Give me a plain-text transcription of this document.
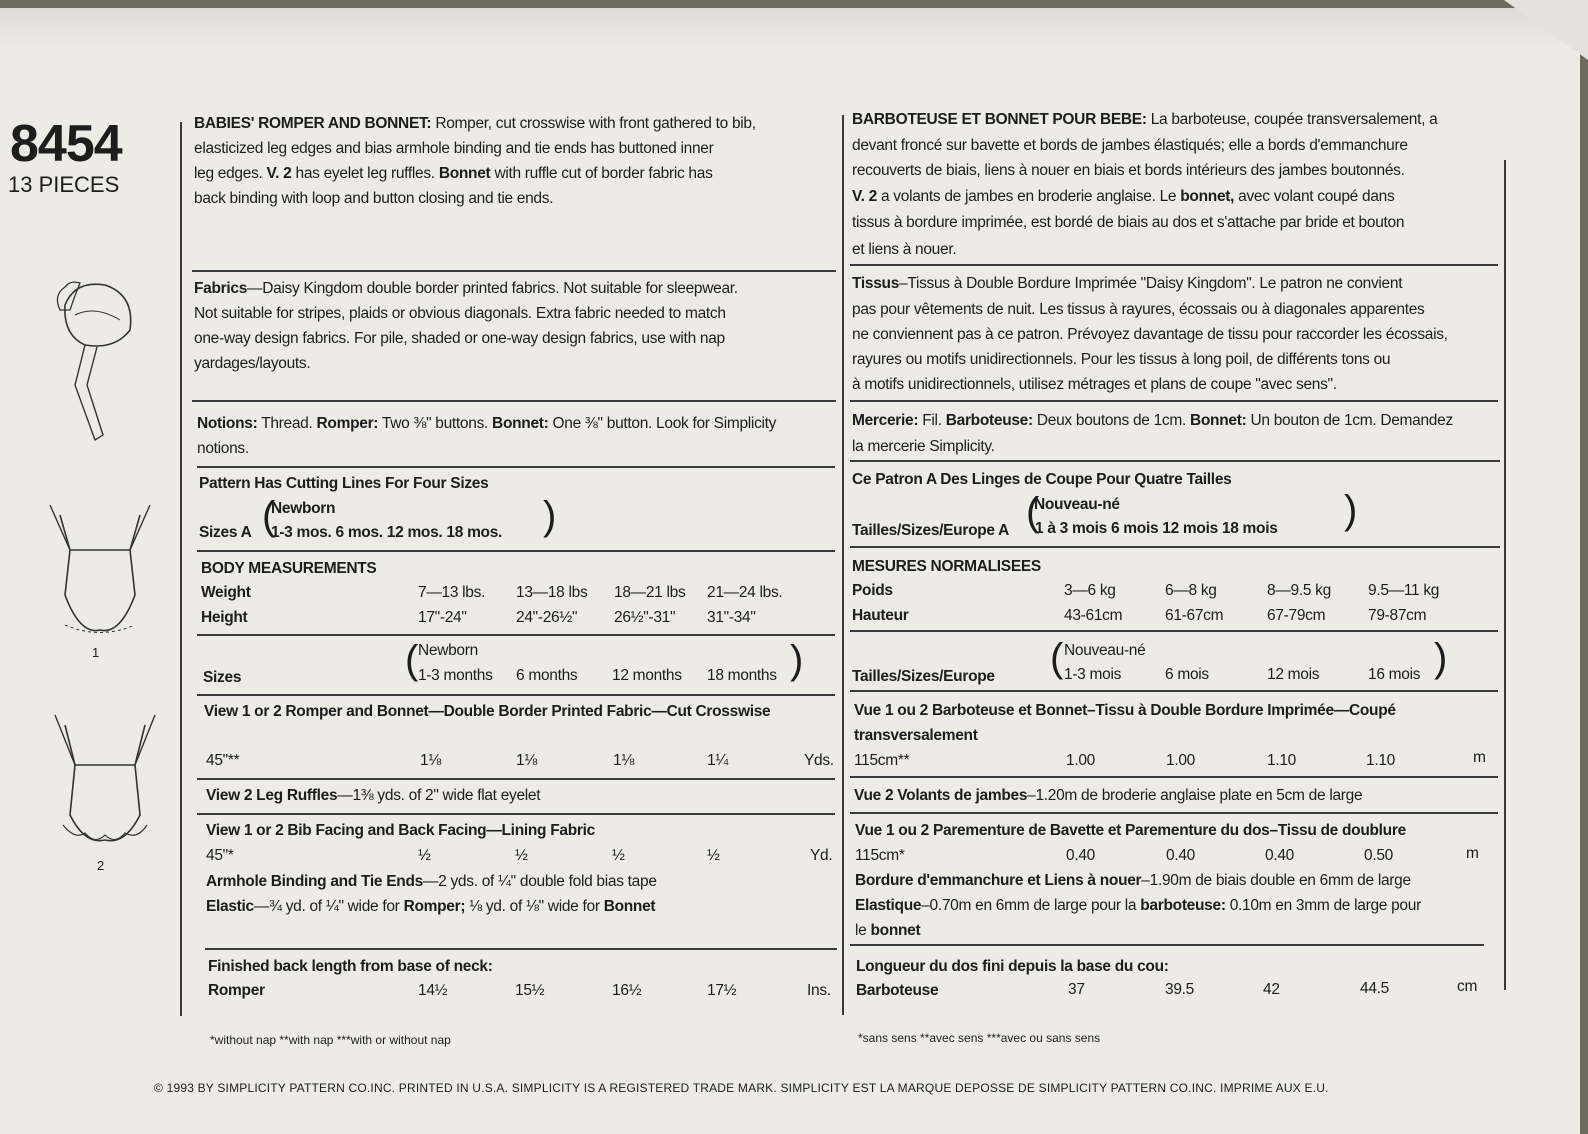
8454
13 PIECES
1
2
BABIES' ROMPER AND BONNET: Romper, cut crosswise with front gathered to bib,
elasticized leg edges and bias armhole binding and tie ends has buttoned inner
leg edges. V. 2 has eyelet leg ruffles. Bonnet with ruffle cut of border fabric has
back binding with loop and button closing and tie ends.
Fabrics—Daisy Kingdom double border printed fabrics. Not suitable for sleepwear.
Not suitable for stripes, plaids or obvious diagonals. Extra fabric needed to match
one-way design fabrics. For pile, shaded or one-way design fabrics, use with nap
yardages/layouts.
Notions: Thread. Romper: Two ⅜" buttons. Bonnet: One ⅜" button. Look for Simplicity
notions.
Pattern Has Cutting Lines For Four Sizes
Newborn
Sizes A 1-3 mos. 6 mos. 12 mos. 18 mos.
(	)
BODY MEASUREMENTS
Weight	7—13 lbs. 13—18 lbs 18—21 lbs 21—24 lbs.
Height	17"-24"	24"-26½" 26½"-31" 31"-34"
Newborn
Sizes	1-3 months 6 months 12 months 18 months
(	)
View 1 or 2 Romper and Bonnet—Double Border Printed Fabric—Cut Crosswise
45"**	1⅛	1⅛	1⅛	1¼	Yds.
View 2 Leg Ruffles—1⅜ yds. of 2" wide flat eyelet
View 1 or 2 Bib Facing and Back Facing—Lining Fabric
45"*	½	½	½	½	Yd.
Armhole Binding and Tie Ends—2 yds. of ¼" double fold bias tape
Elastic—¾ yd. of ¼" wide for Romper; ⅛ yd. of ⅛" wide for Bonnet
Finished back length from base of neck:
Romper	14½	15½	16½	17½	Ins.
*without nap **with nap ***with or without nap
BARBOTEUSE ET BONNET POUR BEBE: La barboteuse, coupée transversalement, a
devant froncé sur bavette et bords de jambes élastiqués; elle a bords d'emmanchure
recouverts de biais, liens à nouer en biais et bords intérieurs des jambes boutonnés.
V. 2 a volants de jambes en broderie anglaise. Le bonnet, avec volant coupé dans
tissus à bordure imprimée, est bordé de biais au dos et s'attache par bride et bouton
et liens à nouer.
Tissus–Tissus à Double Bordure Imprimée "Daisy Kingdom". Le patron ne convient
pas pour vêtements de nuit. Les tissus à rayures, écossais ou à diagonales apparentes
ne conviennent pas à ce patron. Prévoyez davantage de tissu pour raccorder les écossais,
rayures ou motifs unidirectionnels. Pour les tissus à long poil, de différents tons ou
à motifs unidirectionnels, utilisez métrages et plans de coupe "avec sens".
Mercerie: Fil. Barboteuse: Deux boutons de 1cm. Bonnet: Un bouton de 1cm. Demandez
la mercerie Simplicity.
Ce Patron A Des Linges de Coupe Pour Quatre Tailles
Nouveau-né
Tailles/Sizes/Europe A 1 à 3 mois 6 mois 12 mois 18 mois
(	)
MESURES NORMALISEES
Poids	3—6 kg	6—8 kg	8—9.5 kg 9.5—11 kg
Hauteur	43-61cm	61-67cm	67-79cm	79-87cm
Nouveau-né
Tailles/Sizes/Europe	1-3 mois	6 mois	12 mois	16 mois
(	)
Vue 1 ou 2 Barboteuse et Bonnet–Tissu à Double Bordure Imprimée—Coupé
transversalement
115cm**	1.00	1.00	1.10	1.10	m
Vue 2 Volants de jambes–1.20m de broderie anglaise plate en 5cm de large
Vue 1 ou 2 Parementure de Bavette et Parementure du dos–Tissu de doublure
115cm*	0.40	0.40	0.40	0.50	m
Bordure d'emmanchure et Liens à nouer–1.90m de biais double en 6mm de large
Elastique–0.70m en 6mm de large pour la barboteuse: 0.10m en 3mm de large pour
le bonnet
Longueur du dos fini depuis la base du cou:
Barboteuse	37	39.5	42	44.5	cm
*sans sens **avec sens ***avec ou sans sens
© 1993 BY SIMPLICITY PATTERN CO.INC. PRINTED IN U.S.A. SIMPLICITY IS A REGISTERED TRADE MARK. SIMPLICITY EST LA MARQUE DEPOSSE DE SIMPLICITY PATTERN CO.INC. IMPRIME AUX E.U.
